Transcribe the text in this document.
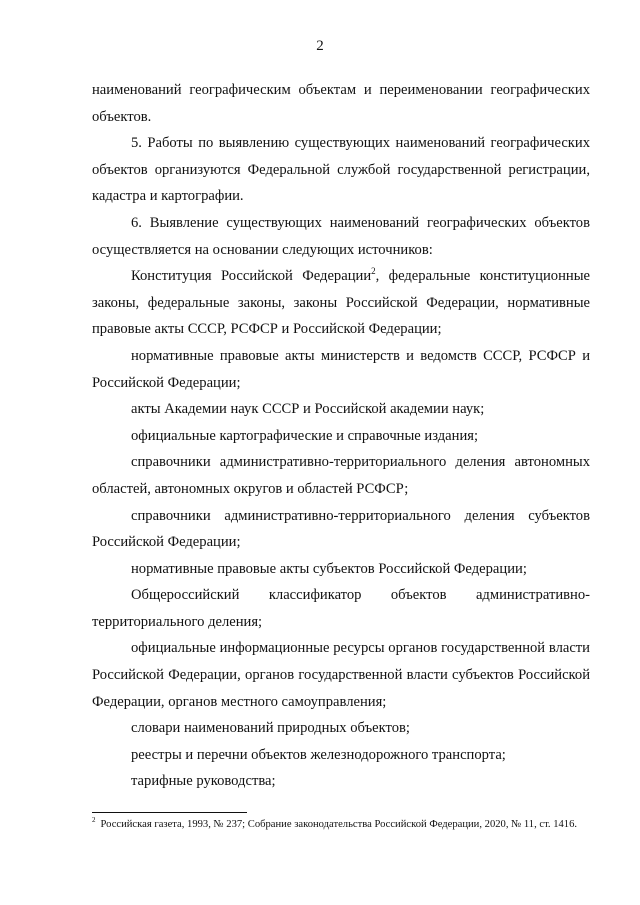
2

наименований географическим объектам и переименовании географических объектов.

5. Работы по выявлению существующих наименований географических объектов организуются Федеральной службой государственной регистрации, кадастра и картографии.

6. Выявление существующих наименований географических объектов осуществляется на основании следующих источников:

Конституция Российской Федерации$^2$, федеральные конституционные законы, федеральные законы, законы Российской Федерации, нормативные правовые акты СССР, РСФСР и Российской Федерации;

нормативные правовые акты министерств и ведомств СССР, РСФСР и Российской Федерации;

акты Академии наук СССР и Российской академии наук;

официальные картографические и справочные издания;

справочники административно-территориального деления автономных областей, автономных округов и областей РСФСР;

справочники административно-территориального деления субъектов Российской Федерации;

нормативные правовые акты субъектов Российской Федерации;

Общероссийский классификатор объектов административно-территориального деления;

официальные информационные ресурсы органов государственной власти Российской Федерации, органов государственной власти субъектов Российской Федерации, органов местного самоуправления;

словари наименований природных объектов;

реестры и перечни объектов железнодорожного транспорта;

тарифные руководства;

$^2$ Российская газета, 1993, № 237; Собрание законодательства Российской Федерации, 2020, № 11, ст. 1416.
